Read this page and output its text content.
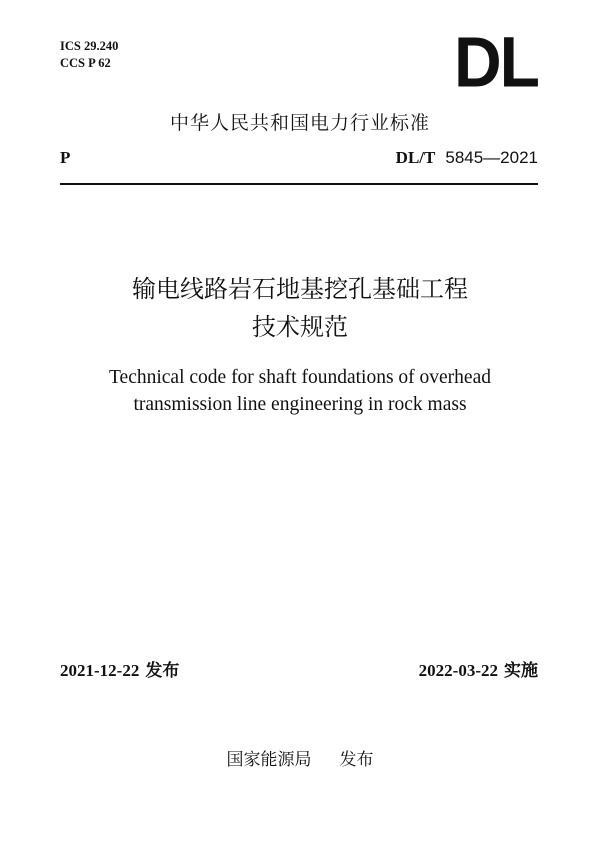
ICS 29.240
CCS P 62	DL
中华人民共和国电力行业标准
P	DL/T 5845—2021
输电线路岩石地基挖孔基础工程
技术规范
Technical code for shaft foundations of overhead
transmission line engineering in rock mass
2021-12-22 发布	2022-03-22 实施
国家能源局 发布
